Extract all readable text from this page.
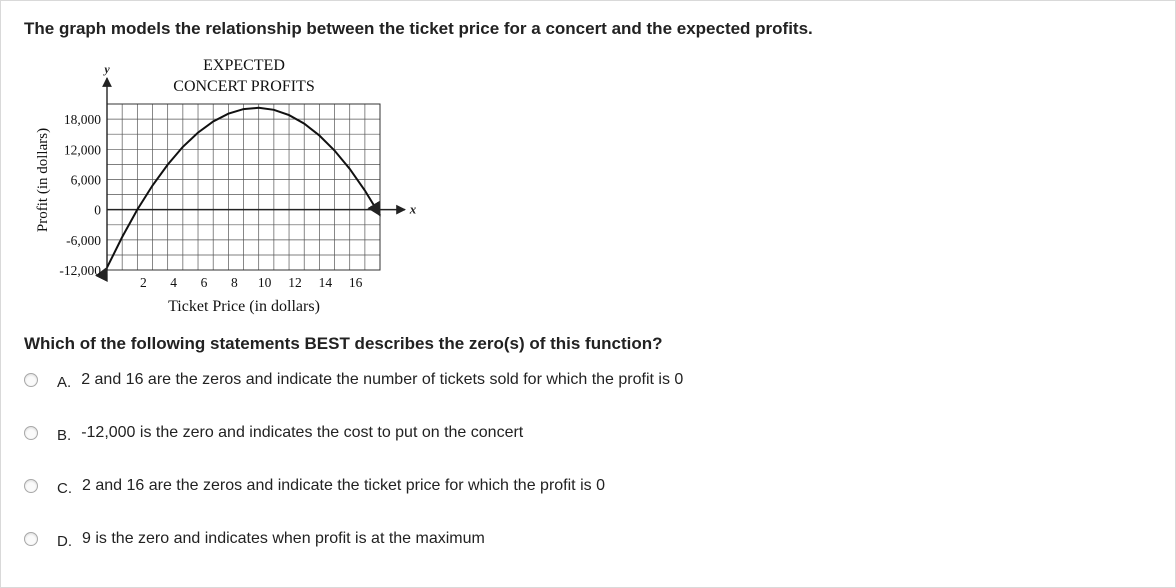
The graph models the relationship between the ticket price for a concert and the expected profits.
y
x
EXPECTED
CONCERT PROFITS
2 4 6 8 10 12 14 16
18,000
12,000
6,000
0
-6,000
-12,000
Ticket Price (in dollars)
Profit (in dollars)
Which of the following statements BEST describes the zero(s) of this function?
A. 2 and 16 are the zeros and indicate the number of tickets sold for which the profit is 0
B. -12,000 is the zero and indicates the cost to put on the concert
C. 2 and 16 are the zeros and indicate the ticket price for which the profit is 0
D. 9 is the zero and indicates when profit is at the maximum
